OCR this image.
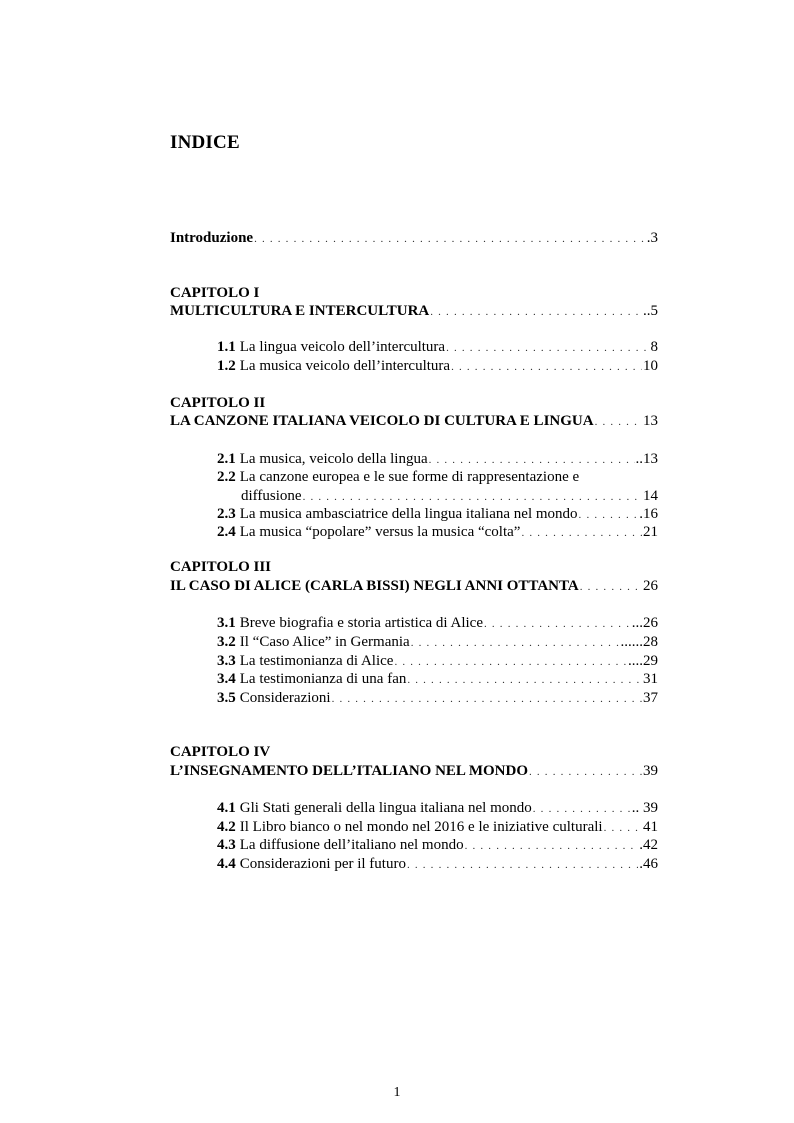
INDICE
Introduzione . . .	.3
CAPITOLO I
MULTICULTURA E INTERCULTURA . . .	..5
1.1 La lingua veicolo dell’intercultura . . .	8
1.2 La musica veicolo dell’intercultura . . .	10
CAPITOLO II
LA CANZONE ITALIANA VEICOLO DI CULTURA E LINGUA . . .	13
2.1 La musica, veicolo della lingua . . .	..13
2.2 La canzone europea e le sue forme di rappresentazione e
diffusione . . .	14
2.3 La musica ambasciatrice della lingua italiana nel mondo . . .	.16
2.4 La musica “popolare” versus la musica “colta” . . .	21
CAPITOLO III
IL CASO DI ALICE (CARLA BISSI) NEGLI ANNI OTTANTA . . .	26
3.1 Breve biografia e storia artistica di Alice . . .	...26
3.2 Il “Caso Alice” in Germania . . .	......28
3.3 La testimonianza di Alice . . .	....29
3.4 La testimonianza di una fan . . .	31
3.5 Considerazioni . . .	37
CAPITOLO IV
L’INSEGNAMENTO DELL’ITALIANO NEL MONDO . . .	39
4.1 Gli Stati generali della lingua italiana nel mondo . . .	.. 39
4.2 Il Libro bianco o nel mondo nel 2016 e le iniziative culturali . . .	41
4.3 La diffusione dell’italiano nel mondo . . .	.42
4.4 Considerazioni per il futuro . . .	.46
1
